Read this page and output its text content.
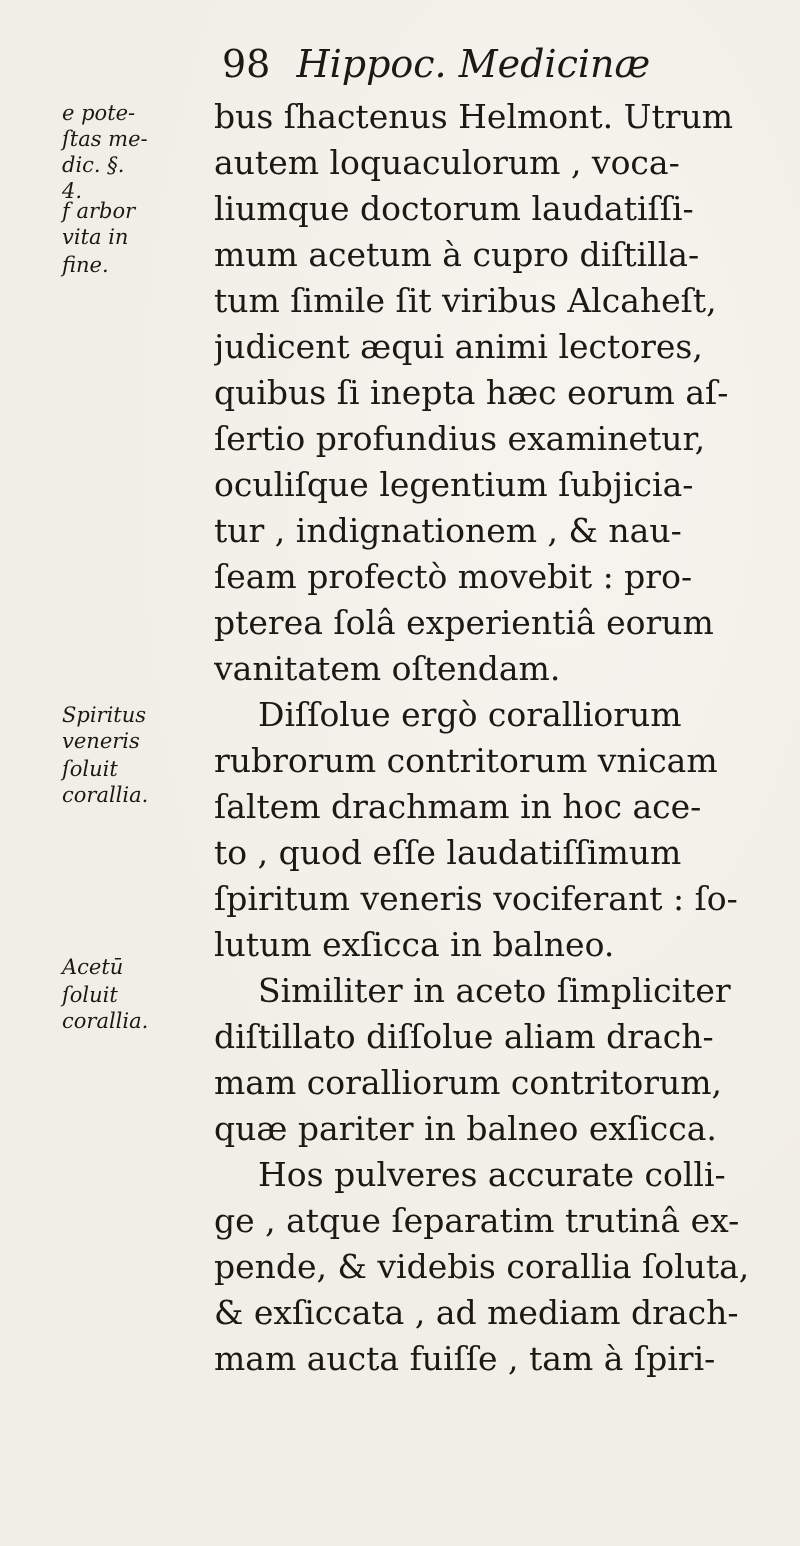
98 Hippoc. Medicinæ
e pote-
ſtas me-
dic. §.
4.
f arbor
vita in
fine.
Spiritus
veneris
ſoluit
corallia.
Acetū
ſoluit
corallia.
bus ſhactenus Helmont. Utrum
autem loquaculorum , voca-
liumque doctorum laudatiſſi-
mum acetum à cupro diſtilla-
tum ſimile ſit viribus Alcaheſt,
judicent æqui animi lectores,
quibus ſi inepta hæc eorum aſ-
ſertio profundius examinetur,
oculiſque legentium ſubjicia-
tur , indignationem , & nau-
ſeam profectò movebit : pro-
pterea ſolâ experientiâ eorum
vanitatem oſtendam.
Diſſolue ergò coralliorum
rubrorum contritorum vnicam
ſaltem drachmam in hoc ace-
to , quod eſſe laudatiſſimum
ſpiritum veneris vociferant : ſo-
lutum exſicca in balneo.
Similiter in aceto ſimpliciter
diſtillato diſſolue aliam drach-
mam coralliorum contritorum,
quæ pariter in balneo exſicca.
Hos pulveres accurate colli-
ge , atque ſeparatim trutinâ ex-
pende, & videbis corallia ſoluta,
& exſiccata , ad mediam drach-
mam aucta fuiſſe , tam à ſpiri-
